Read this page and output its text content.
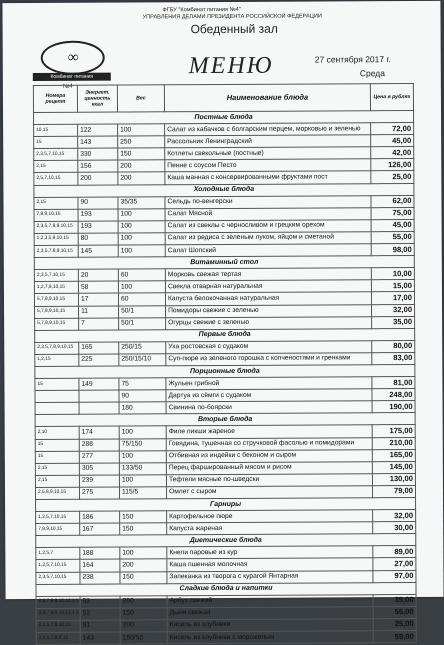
∞
Комбинат питания
№4
ФГБУ "Комбинат питания №4"
УПРАВЛЕНИЯ ДЕЛАМИ ПРЕЗИДЕНТА РОССИЙСКОЙ ФЕДЕРАЦИИ
Обеденный зал
МЕНЮ	27 сентября 2017 г.
Среда
Номера рецепт	Энергет. ценность ккал	Вес	Наименование блюда	Цена в рублях
Постные блюда				
10,15	122	100	Салат из кабачков с болгарским перцем, морковью и зеленью	72,00
15	143	250	Рассольник Ленинградский	45,00
2,3,5,7,10,15	330	150	Котлеты свекольные (постные)	42,00
2,15	156	200	Пенне с соусом Песто	126,00
2,5,7,10,15	200	200	Каша манная с консервированными фруктами пост	25,00
Холодные блюда				
2,15	90	35/35	Сельдь по-венгерски	62,00
7,8,9,10,15	193	100	Салат Мясной	75,00
2,3,5,7,8,9,10,15	193	100	Салат из свеклы с черносливом и грецким орехом	45,00
1,2,3,5,9,10,15	80	100	Салат из редиса с зеленым луком, яйцом и сметаной	55,00
2,3,5,7,8,9,10,15	145	100	Салат Шопский	98,00
Витаминный стол				
2,3,5,7,10,15	20	60	Морковь свежая тертая	10,00
1,2,7,8,10,15	58	100	Свекла отварная натуральная	15,00
5,7,8,9,10,15	17	60	Капуста белокочанная натуральная	17,00
5,7,8,9,10,15	11	50/1	Помидоры свежие с зеленью	32,00
5,7,8,9,10,15	7	50/1	Огурцы свежие с зеленью	35,00
Первые блюда				
2,3,5,7,8,9,10,15	165	250/15	Уха ростовская с судаком	80,00
1,2,15	225	250/15/10	Суп-пюре из зеленого горошка с копченостями и гренками	83,00
Порционные блюда				
15	149	75	Жульен грибной	81,00
		90	Дартуа из сёмги с судаком	248,00
		180	Свинина по-боярски	190,00
Вторые блюда				
2,10	174	100	Филе пикши жареное	175,00
15	288	75/150	Говядина, тушенная со стручковой фасолью и помидорами	210,00
15	277	100	Отбивная из индейки с беконом и сыром	165,00
2,15	305	133/50	Перец фаршированный мясом и рисом	145,00
2,15	239	100	Тефтели мясные по-шведски	130,00
2,5,8,9,10,15	275	115/5	Омлет с сыром	79,00
Гарниры				
1,2,5,7,10,15	186	150	Картофельное пюре	32,00
7,8,9,10,15	167	150	Капуста жареная	30,00
Диетические блюда				
1,2,5,7	188	100	Кнели паровые из кур	89,00
1,2,5,7,10,15	164	200	Каша пшенная молочная	27,00
2,3,5,7,10,15	238	150	Запеканка из творога с курагой Янтарная	97,00
Сладкие блюда и напитки				
2,3,7,8,9,10,12,1 5	53	200	Арбуз свежий	35,00
2,3,7,8,9,10,12,1 5	52	150	Дыня свежая	55,00
2,3,5,7,8,10,15	91	200	Кисель из клубники	25,00
2,3,5,7,8,9,15	143	150/50	Кисель из клубники с мороженым	59,00
